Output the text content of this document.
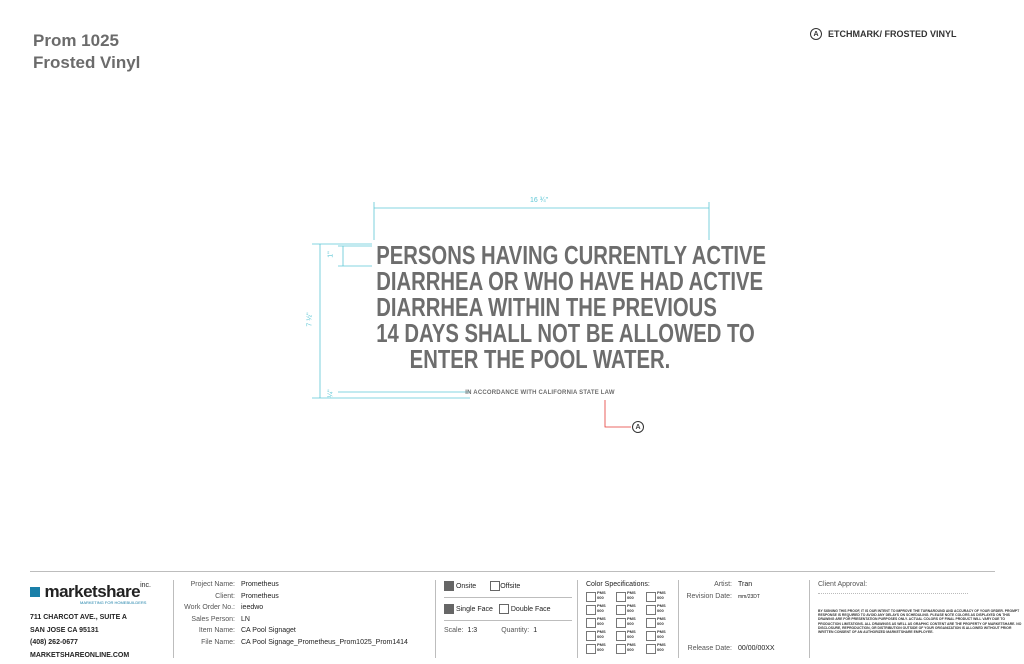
Prom 1025
Frosted Vinyl
A	ETCHMARK/ FROSTED VINYL
16 ¾"
7 ½"
1"
¼"
PERSONS HAVING CURRENTLY ACTIVE
DIARRHEA OR WHO HAVE HAD ACTIVE
DIARRHEA WITHIN THE PREVIOUS
14 DAYS SHALL NOT BE ALLOWED TO
ENTER THE POOL WATER.
IN ACCORDANCE WITH CALIFORNIA STATE LAW
A
marketshare$^{inc.}$
MARKETING FOR HOMEBUILDERS
711 CHARCOT AVE., SUITE A
SAN JOSE CA 95131
(408) 262-0677
MARKETSHAREONLINE.COM
Project Name: Prometheus
Client: Prometheus
Work Order No.: ieedwo
Sales Person: LN
Item Name: CA Pool Signaget
File Name: CA Pool Signage_Prometheus_Prom1025_Prom1414
Onsite	Offsite
Single Face	Double Face
Scale: 1:3	Quantity: 1
Color Specifications:
PMS
000
PMS
000
PMS
000
PMS
000
PMS
000
PMS
000
PMS
000
PMS
000
PMS
000
PMS
000
PMS
000
PMS
000
PMS
000
PMS
000
PMS
000
Artist: Tran
Revision Date: mm/23DT
Release Date: 00/00/00XX
Client Approval:
BY SIGNING THIS PROOF, IT IS OUR INTENT TO IMPROVE THE TURNAROUND AND ACCURACY OF YOUR ORDER. PROMPT RESPONSE IS REQUIRED TO AVOID ANY DELAYS ON SCHEDULING. PLEASE NOTE COLORS AS DISPLAYED ON THIS DRAWING ARE FOR PRESENTATION PURPOSES ONLY. ACTUAL COLORS OF FINAL PRODUCT WILL VARY DUE TO PRODUCTION LIMITATIONS. ALL DRAWINGS AS WELL AS GRAPHIC CONTENT ARE THE PROPERTY OF MARKETSHARE. NO DISCLOSURE, REPRODUCTION, OR DISTRIBUTION OUTSIDE OF YOUR ORGANIZATION IS ALLOWED WITHOUT PRIOR WRITTEN CONSENT OF AN AUTHORIZED MARKETSHARE EMPLOYEE.
